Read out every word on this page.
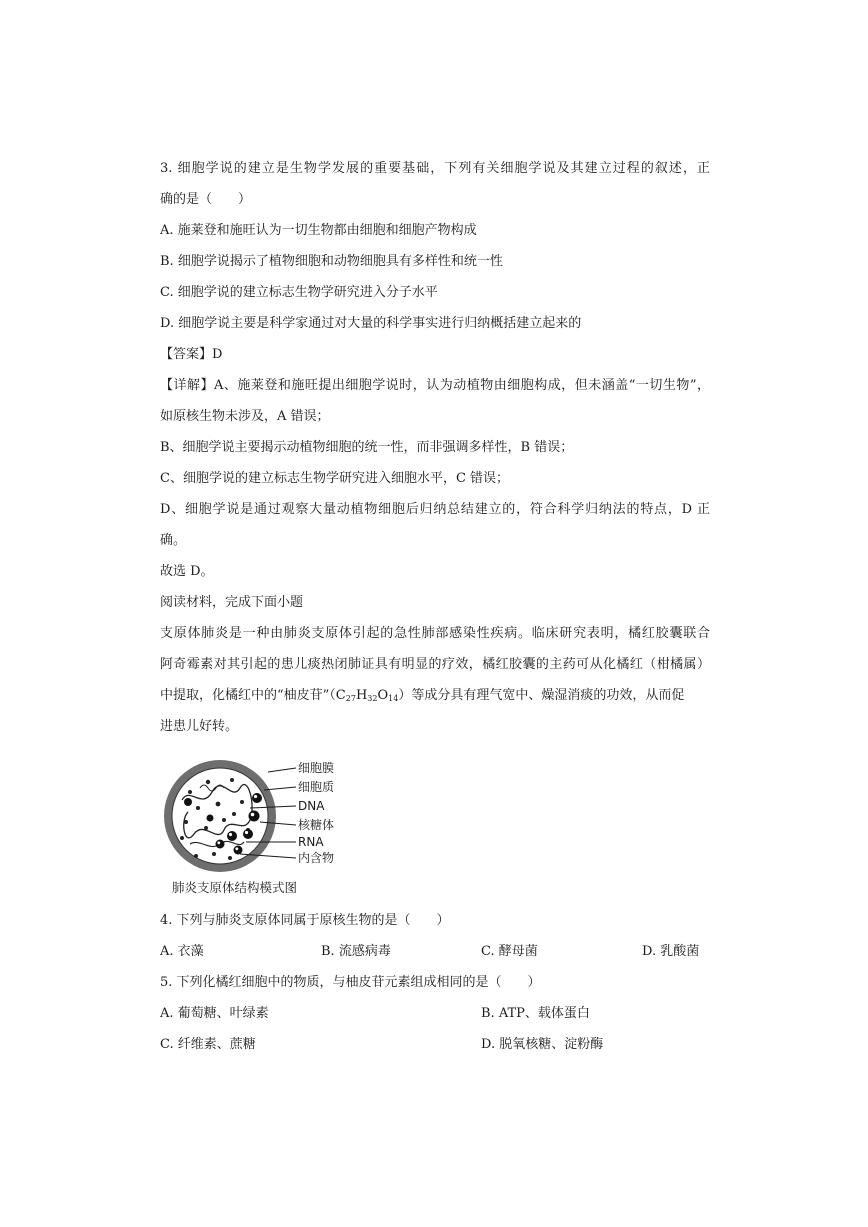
3. 细胞学说的建立是生物学发展的重要基础，下列有关细胞学说及其建立过程的叙述，正
确的是（　　）
A. 施莱登和施旺认为一切生物都由细胞和细胞产物构成
B. 细胞学说揭示了植物细胞和动物细胞具有多样性和统一性
C. 细胞学说的建立标志生物学研究进入分子水平
D. 细胞学说主要是科学家通过对大量的科学事实进行归纳概括建立起来的
【答案】D
【详解】A、施莱登和施旺提出细胞学说时，认为动植物由细胞构成，但未涵盖“一切生物”，
如原核生物未涉及，A 错误；
B、细胞学说主要揭示动植物细胞的统一性，而非强调多样性，B 错误；
C、细胞学说的建立标志生物学研究进入细胞水平，C 错误；
D、细胞学说是通过观察大量动植物细胞后归纳总结建立的，符合科学归纳法的特点，D 正
确。
故选 D。
阅读材料，完成下面小题
支原体肺炎是一种由肺炎支原体引起的急性肺部感染性疾病。临床研究表明，橘红胶囊联合
阿奇霉素对其引起的患儿痰热闭肺证具有明显的疗效，橘红胶囊的主药可从化橘红（柑橘属）
中提取，化橘红中的“柚皮苷$”(C_{27}H_{32}O_{14})$等成分具有理气宽中、燥湿消痰的功效，从而促
进患儿好转。
细胞膜
细胞质
DNA
核糖体
RNA
内含物
肺炎支原体结构模式图
4. 下列与肺炎支原体同属于原核生物的是（　　）
A. 衣藻	B. 流感病毒	C. 酵母菌	D. 乳酸菌
5. 下列化橘红细胞中的物质，与柚皮苷元素组成相同的是（　　）
A. 葡萄糖、叶绿素	B. ATP、载体蛋白
C. 纤维素、蔗糖	D. 脱氧核糖、淀粉酶
